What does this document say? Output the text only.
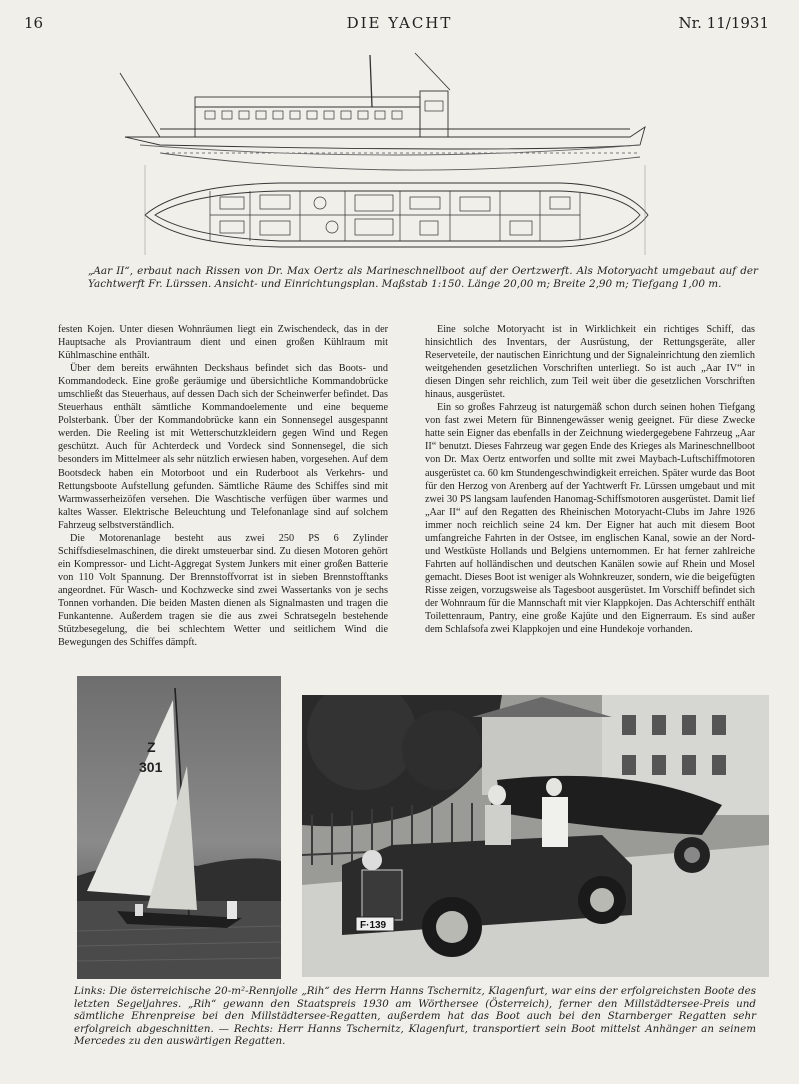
16	DIE YACHT	Nr. 11/1931
„Aar II“, erbaut nach Rissen von Dr. Max Oertz als Marineschnellboot auf der Oertzwerft. Als Motoryacht umgebaut auf der Yachtwerft Fr. Lürssen. Ansicht- und Einrichtungsplan. Maßstab 1:150. Länge 20,00 m; Breite 2,90 m; Tiefgang 1,00 m.

festen Kojen. Unter diesen Wohnräumen liegt ein Zwischendeck, das in der Hauptsache als Proviantraum dient und einen großen Kühlraum mit Kühlmaschine enthält.

Über dem bereits erwähnten Deckshaus befindet sich das Boots- und Kommandodeck. Eine große geräumige und übersichtliche Kommandobrücke umschließt das Steuerhaus, auf dessen Dach sich der Scheinwerfer befindet. Das Steuerhaus enthält sämtliche Kommandoelemente und eine bequeme Polsterbank. Über der Kommandobrücke kann ein Sonnensegel ausgespannt werden. Die Reeling ist mit Wetterschutzkleidern gegen Wind und Regen geschützt. Auch für Achterdeck und Vordeck sind Sonnensegel, die sich besonders im Mittelmeer als sehr nützlich erwiesen haben, vorgesehen. Auf dem Bootsdeck haben ein Motorboot und ein Ruderboot als Verkehrs- und Rettungsboote Aufstellung gefunden. Sämtliche Räume des Schiffes sind mit Warmwasserheizöfen versehen. Die Waschtische verfügen über warmes und kaltes Wasser. Elektrische Beleuchtung und Telefonanlage sind auf solchem Fahrzeug selbstverständlich.

Die Motorenanlage besteht aus zwei 250 PS 6 Zylinder Schiffsdieselmaschinen, die direkt umsteuerbar sind. Zu diesen Motoren gehört ein Kompressor- und Licht-Aggregat System Junkers mit einer großen Batterie von 110 Volt Spannung. Der Brennstoffvorrat ist in sieben Brennstofftanks angeordnet. Für Wasch- und Kochzwecke sind zwei Wassertanks von je sechs Tonnen vorhanden. Die beiden Masten dienen als Signalmasten und tragen die Funkantenne. Außerdem tragen sie die aus zwei Schratsegeln bestehende Stützbesegelung, die bei schlechtem Wetter und seitlichem Wind die Bewegungen des Schiffes dämpft.

Eine solche Motoryacht ist in Wirklichkeit ein richtiges Schiff, das hinsichtlich des Inventars, der Ausrüstung, der Rettungsgeräte, aller Reserveteile, der nautischen Einrichtung und der Signaleinrichtung den ziemlich weitgehenden gesetzlichen Vorschriften unterliegt. So ist auch „Aar IV“ in diesen Dingen sehr reichlich, zum Teil weit über die gesetzlichen Vorschriften hinaus, ausgerüstet.

Ein so großes Fahrzeug ist naturgemäß schon durch seinen hohen Tiefgang von fast zwei Metern für Binnengewässer wenig geeignet. Für diese Zwecke hatte sein Eigner das ebenfalls in der Zeichnung wiedergegebene Fahrzeug „Aar II“ benutzt. Dieses Fahrzeug war gegen Ende des Krieges als Marineschnellboot von Dr. Max Oertz entworfen und sollte mit zwei Maybach-Luftschiffmotoren ausgerüstet ca. 60 km Stundengeschwindigkeit erreichen. Später wurde das Boot für den Herzog von Arenberg auf der Yachtwerft Fr. Lürssen umgebaut und mit zwei 30 PS langsam laufenden Hanomag-Schiffsmotoren ausgerüstet. Damit lief „Aar II“ auf den Regatten des Rheinischen Motoryacht-Clubs im Jahre 1926 immer noch reichlich seine 24 km. Der Eigner hat auch mit diesem Boot umfangreiche Fahrten in der Ostsee, im englischen Kanal, sowie an der Nord- und Westküste Hollands und Belgiens unternommen. Er hat ferner zahlreiche Fahrten auf holländischen und deutschen Kanälen sowie auf Rhein und Mosel gemacht. Dieses Boot ist weniger als Wohnkreuzer, sondern, wie die beigefügten Risse zeigen, vorzugsweise als Tagesboot ausgerüstet. Im Vorschiff befindet sich der Wohnraum für die Mannschaft mit vier Klappkojen. Das Achterschiff enthält Toilettenraum, Pantry, eine große Kajüte und den Eignerraum. Es sind außer dem Schlafsofa zwei Klappkojen und eine Hundekoje vorhanden.

Z
301
F·139
Links: Die österreichische 20-m²-Rennjolle „Rih“ des Herrn Hanns Tschernitz, Klagenfurt, war eins der erfolgreichsten Boote des letzten Segeljahres. „Rih“ gewann den Staatspreis 1930 am Wörthersee (Österreich), ferner den Millstädtersee-Preis und sämtliche Ehrenpreise bei den Millstädtersee-Regatten, außerdem hat das Boot auch bei den Starnberger Regatten sehr erfolgreich abgeschnitten. — Rechts: Herr Hanns Tschernitz, Klagenfurt, transportiert sein Boot mittelst Anhänger an seinem Mercedes zu den auswärtigen Regatten.
